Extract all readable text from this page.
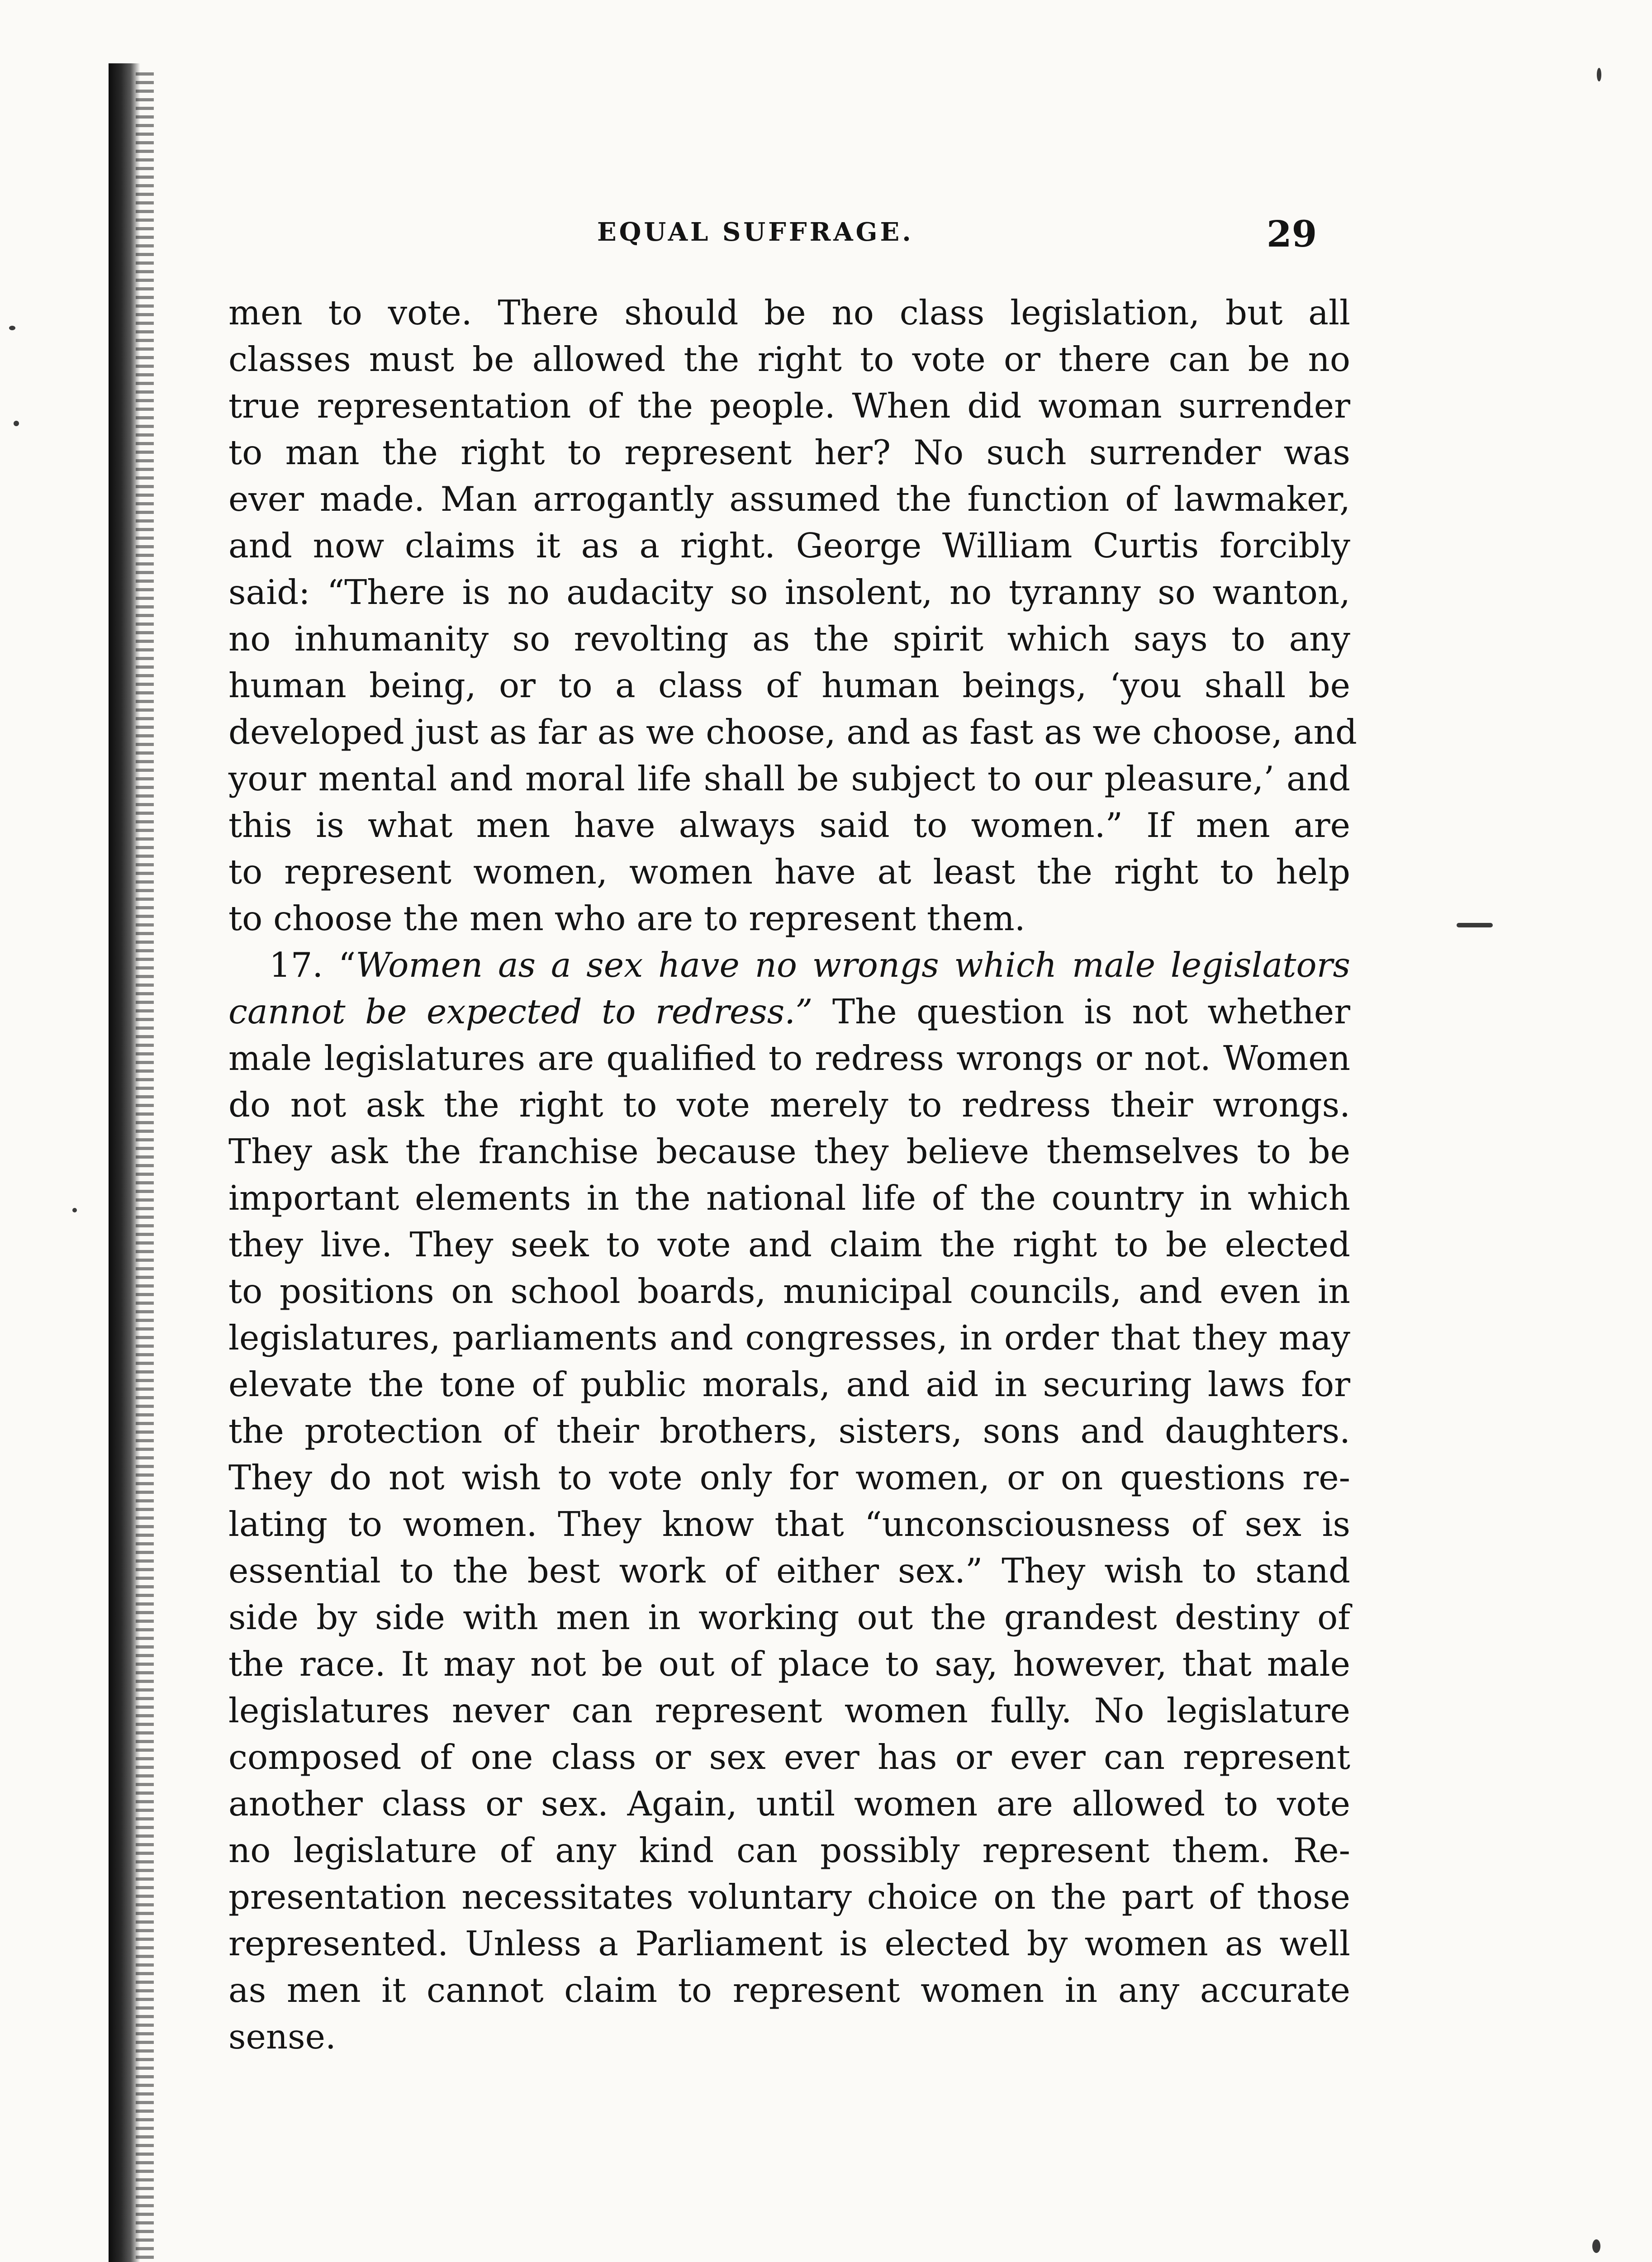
EQUAL SUFFRAGE.	29
men to vote. There should be no class legislation, but all
classes must be allowed the right to vote or there can be no
true representation of the people. When did woman surrender
to man the right to represent her? No such surrender was
ever made. Man arrogantly assumed the function of lawmaker,
and now claims it as a right. George William Curtis forcibly
said: “There is no audacity so insolent, no tyranny so wanton,
no inhumanity so revolting as the spirit which says to any
human being, or to a class of human beings, ‘you shall be
developed just as far as we choose, and as fast as we choose, and
your mental and moral life shall be subject to our pleasure,’ and
this is what men have always said to women.” If men are
to represent women, women have at least the right to help
to choose the men who are to represent them.
17. “Women as a sex have no wrongs which male legislators
cannot be expected to redress.” The question is not whether
male legislatures are qualified to redress wrongs or not. Women
do not ask the right to vote merely to redress their wrongs.
They ask the franchise because they believe themselves to be
important elements in the national life of the country in which
they live. They seek to vote and claim the right to be elected
to positions on school boards, municipal councils, and even in
legislatures, parliaments and congresses, in order that they may
elevate the tone of public morals, and aid in securing laws for
the protection of their brothers, sisters, sons and daughters.
They do not wish to vote only for women, or on questions re-
lating to women. They know that “unconsciousness of sex is
essential to the best work of either sex.” They wish to stand
side by side with men in working out the grandest destiny of
the race. It may not be out of place to say, however, that male
legislatures never can represent women fully. No legislature
composed of one class or sex ever has or ever can represent
another class or sex. Again, until women are allowed to vote
no legislature of any kind can possibly represent them. Re-
presentation necessitates voluntary choice on the part of those
represented. Unless a Parliament is elected by women as well
as men it cannot claim to represent women in any accurate
sense.
